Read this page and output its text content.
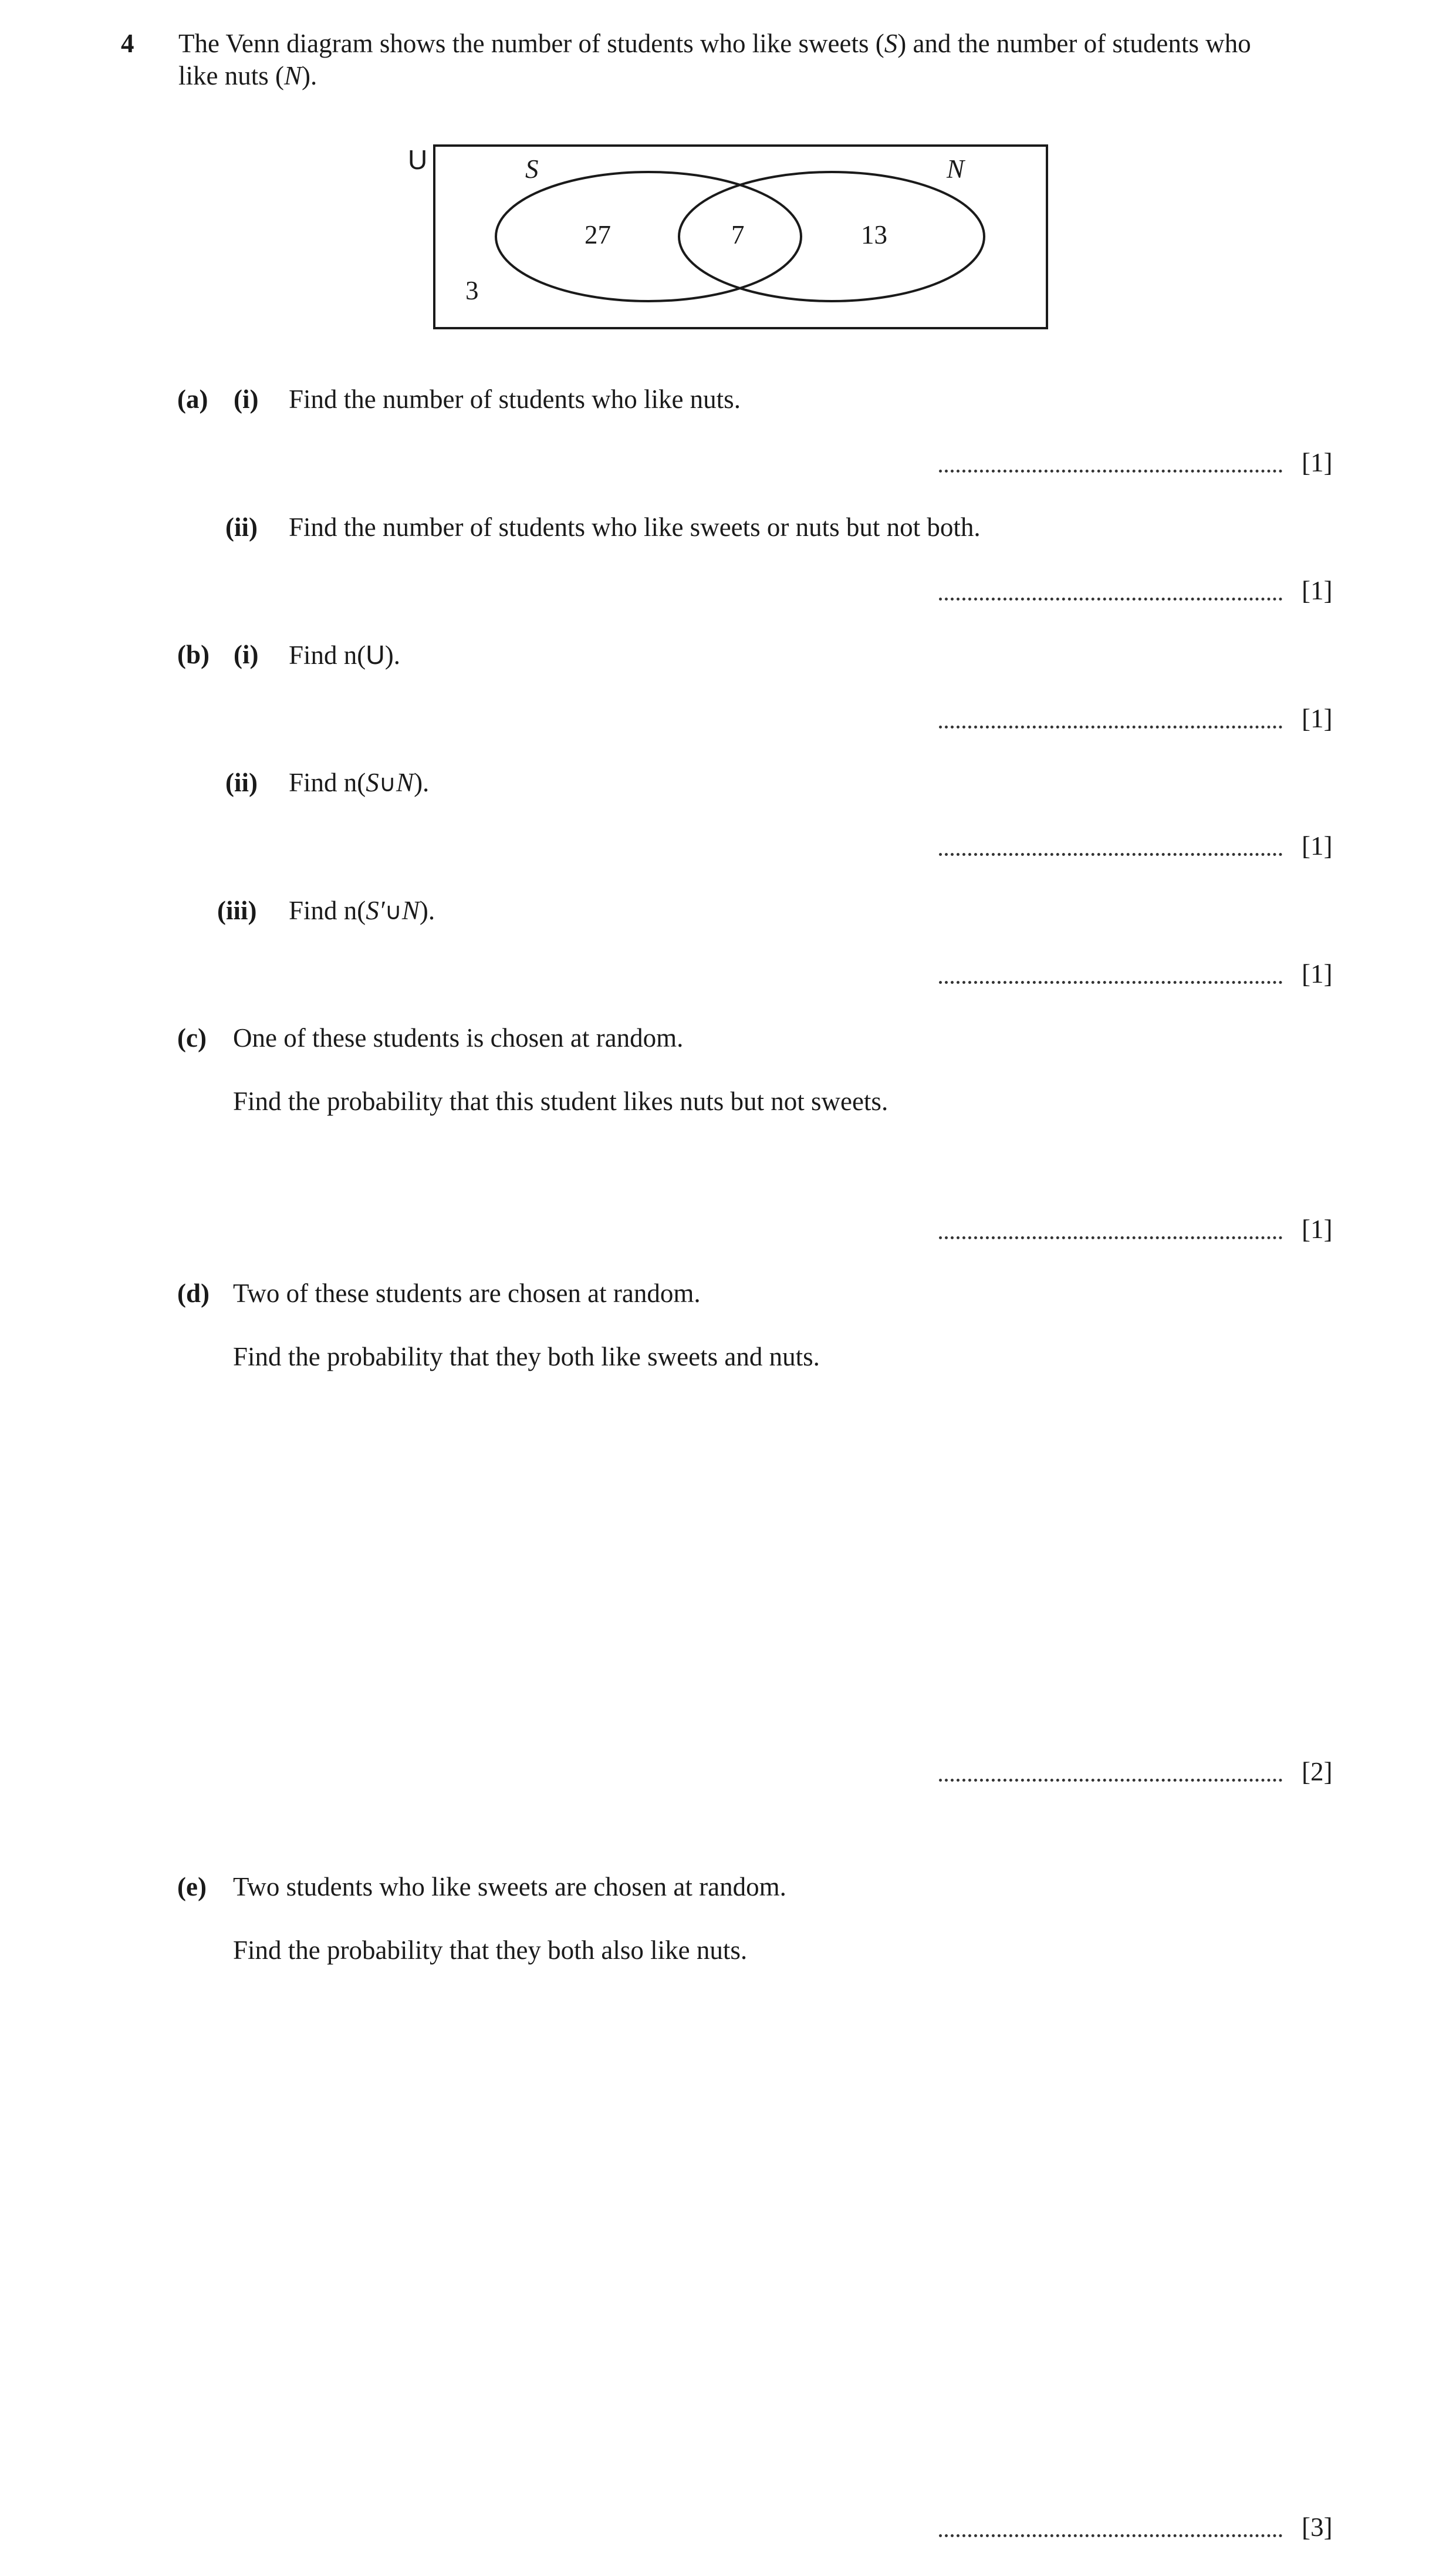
4 The Venn diagram shows the number of students who like sweets (S) and the number of students who
like nuts (N).
U	S	N
27	7	13
3
(a) (i) Find the number of students who like nuts.
[1]
(ii) Find the number of students who like sweets or nuts but not both.
[1]
(b) (i) Find n(U).
[1]
(ii) Find n(S∪N).
[1]
(iii) Find n(S′∪N).
[1]
(c) One of these students is chosen at random.
Find the probability that this student likes nuts but not sweets.
[1]
(d) Two of these students are chosen at random.
Find the probability that they both like sweets and nuts.
[2]
(e) Two students who like sweets are chosen at random.
Find the probability that they both also like nuts.
[3]
